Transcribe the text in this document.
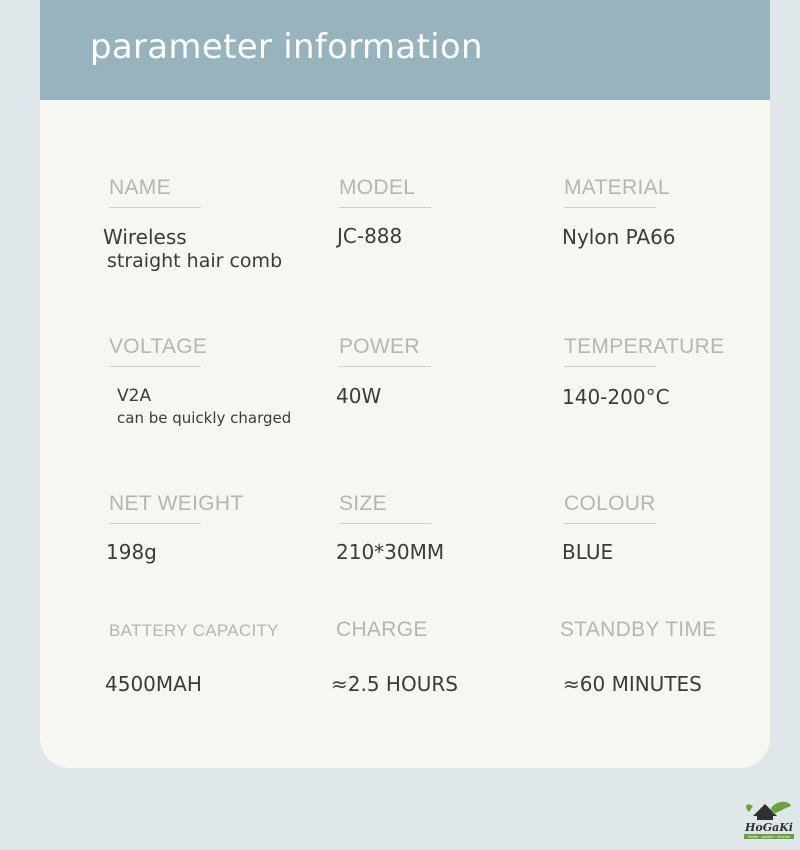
parameter information
NAME
Wireless
straight hair comb
MODEL
JC-888
MATERIAL
Nylon PA66
VOLTAGE
V2A
can be quickly charged
POWER
40W
TEMPERATURE
140-200°C
NET WEIGHT
198g
SIZE
210*30MM
COLOUR
BLUE
BATTERY CAPACITY
4500MAH
CHARGE
≈2.5 HOURS
STANDBY TIME
≈60 MINUTES
HoGaKi
Home · garden · kitchen
